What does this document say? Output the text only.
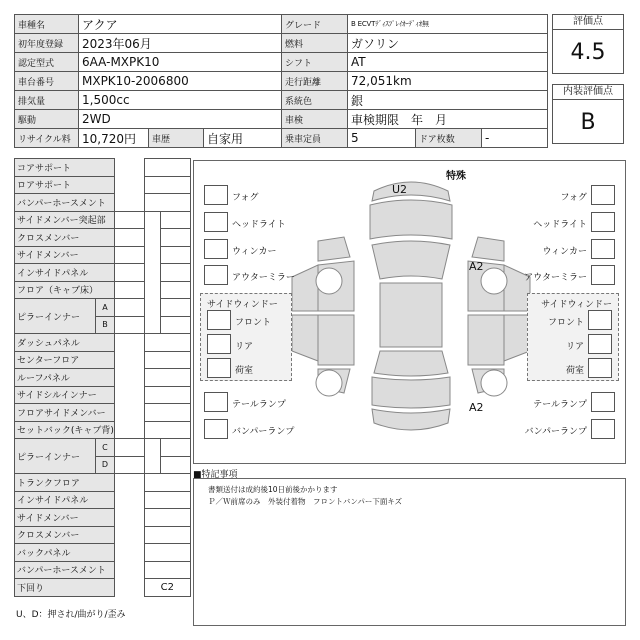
車種名	アクア			グレード	B ECVTﾃﾞｨｽﾌﾟﾚｲｵｰﾃﾞｨｵ無		
初年度登録	2023年06月			燃料	ガソリン		
認定型式	6AA-MXPK10			シフト	AT		
車台番号	MXPK10-2006800			走行距離	72,051km		
排気量	1,500cc			系統色	銀		
駆動	2WD			車検	車検期限　年　月		
リサイクル料	10,720円	車歴	自家用	乗車定員	5	ドア枚数	-
評価点
4.5
内装評価点
B
コアサポート				
ロアサポート				
バンパーホースメント				
サイドメンバー突起部				
クロスメンバー				
サイドメンバー				
インサイドパネル				
フロア（キャブ床）				
ピラーインナー	A			
	B			
ダッシュパネル				
センターフロア				
ルーフパネル				
サイドシルインナー				
フロアサイドメンバー				
セットバック(キャブ背)				
ピラーインナー	C			
	D			
トランクフロア				
インサイドパネル				
サイドメンバー				
クロスメンバー				
バックパネル				
バンパーホースメント				
下回り			C2	
特殊
U2
A2
A2
フォグ
ヘッドライト
ウィンカー
アウターミラー
サイドウィンドー
フロント
リア
荷室
テールランプ
バンパーランプ
フォグ
ヘッドライト
ウィンカー
アウターミラー
サイドウィンドー
フロント
リア
荷室
テールランプ
バンパーランプ
■特記事項
書類送付は成約後10日前後かかります
Ｐ／Ｗ前席のみ　外装付着物　フロントバンパー下面キズ
U、D：押され/曲がり/歪み
